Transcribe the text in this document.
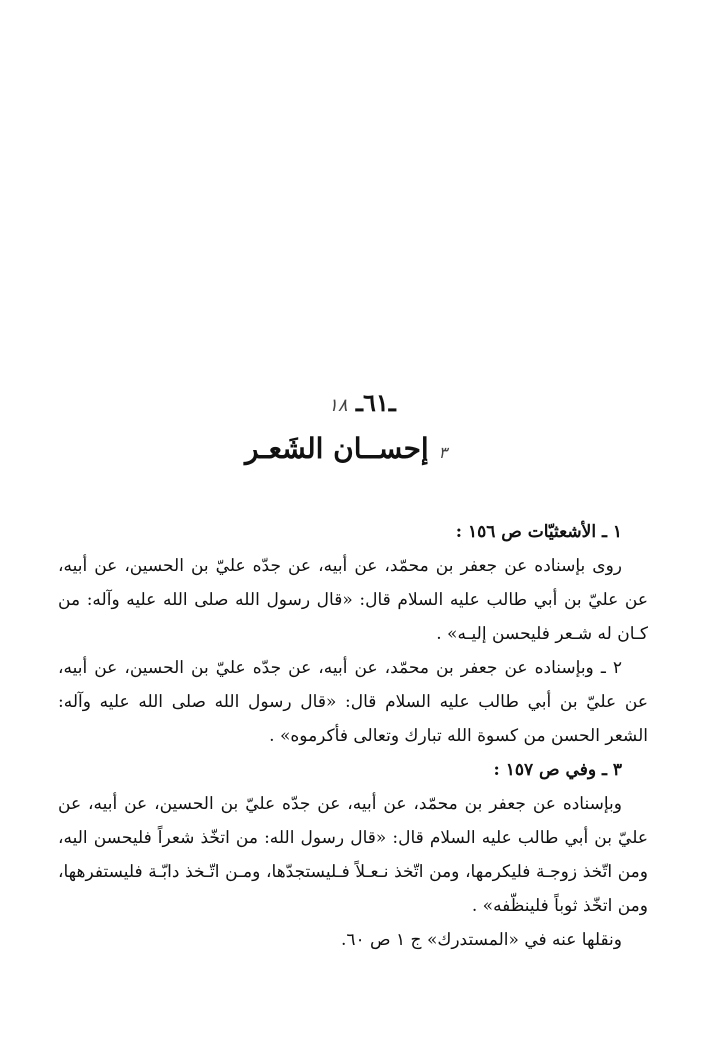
ـ٦١ـ ١٨
٣ إحســان الشَعـر

١ ـ الأشعثيّات ص ١٥٦ :

روى بإسناده عن جعفر بن محمّد، عن أبيه، عن جدّه عليّ بن الحسين، عن أبيه، عن عليّ بن أبي طالب عليه السلام قال: «قال رسول الله صلى الله عليه وآله: من كـان له شـعر فليحسن إليـه» .

٢ ـ وبإسناده عن جعفر بن محمّد، عن أبيه، عن جدّه عليّ بن الحسين، عن أبيه، عن عليّ بن أبي طالب عليه السلام قال: «قال رسول الله صلى الله عليه وآله: الشعر الحسن من كسوة الله تبارك وتعالى فأكرموه» .

٣ ـ وفي ص ١٥٧ :

وبإسناده عن جعفر بن محمّد، عن أبيه، عن جدّه عليّ بن الحسين، عن أبيه، عن عليّ بن أبي طالب عليه السلام قال: «قال رسول الله: من اتخّذ شعراً فليحسن اليه، ومن اتّخذ زوجـة فليكرمها، ومن اتّخذ نـعـلاً فـليستجدّها، ومـن اتّـخذ دابّـة فليستفرهها، ومن اتخّذ ثوباً فلينظّفه» .

ونقلها عنه في «المستدرك» ج ١ ص ٦٠.
